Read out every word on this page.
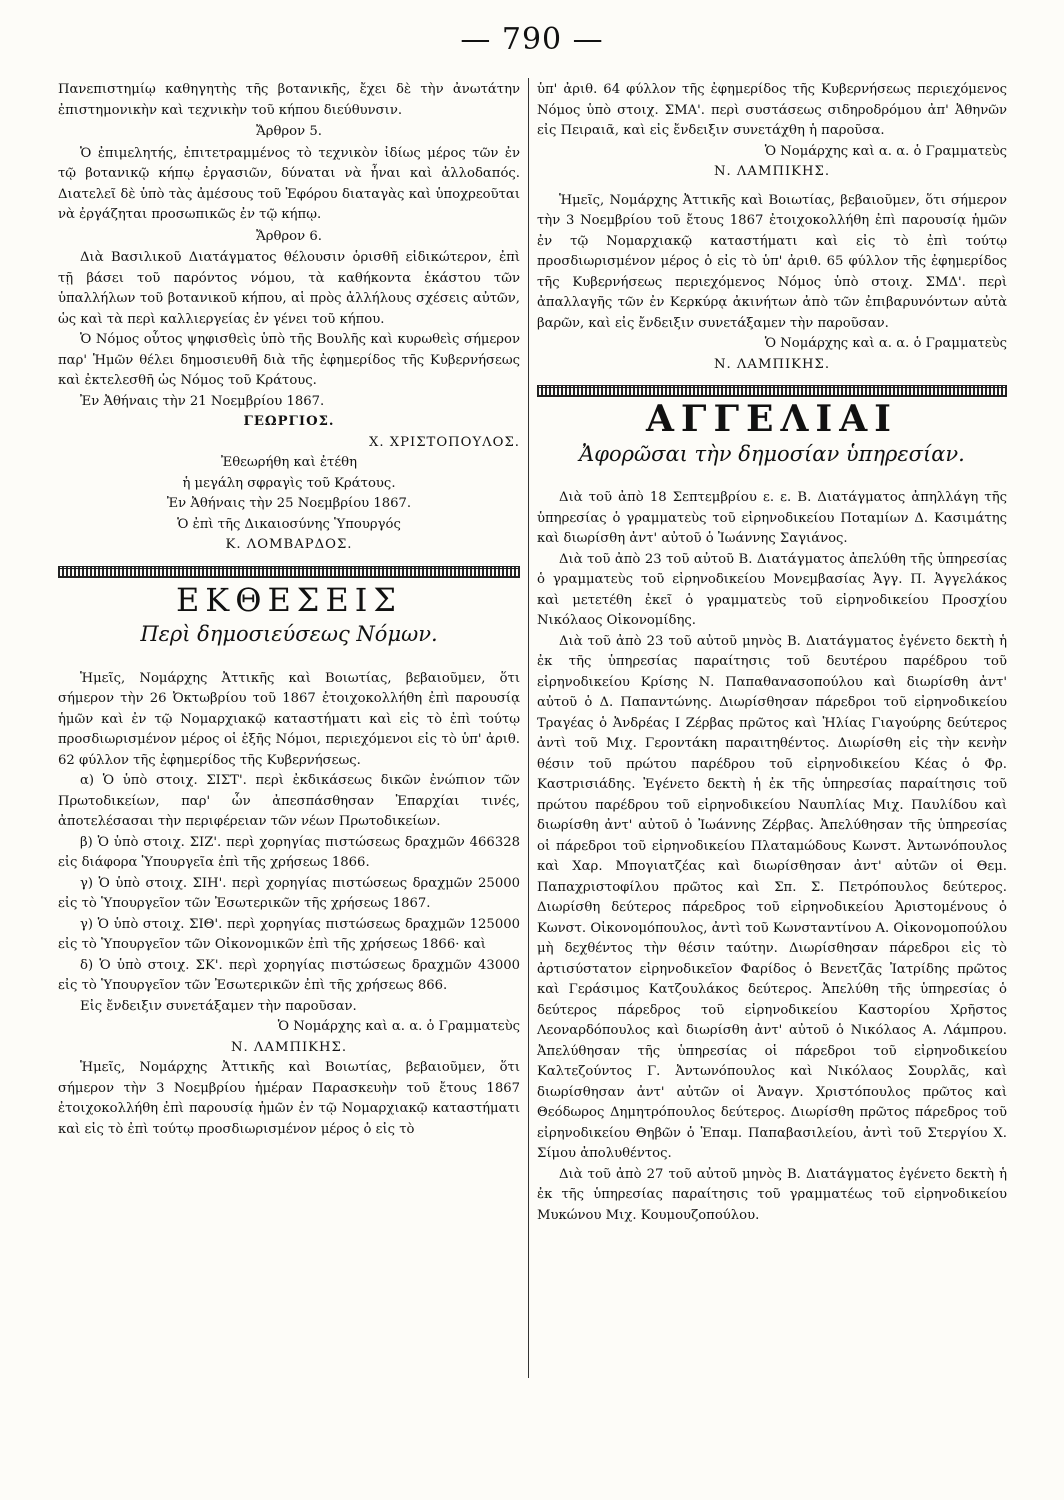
— 790 —

Πανεπιστημίῳ καθηγητὴς τῆς βοτανικῆς, ἔχει δὲ τὴν ἀνωτάτην ἐπιστημονικὴν καὶ τεχνικὴν τοῦ κήπου διεύθυνσιν.

Ἄρθρον 5.

Ὁ ἐπιμελητής, ἐπιτετραμμένος τὸ τεχνικὸν ἰδίως μέρος τῶν ἐν τῷ βοτανικῷ κήπῳ ἐργασιῶν, δύναται νὰ ἦναι καὶ ἀλλοδαπός. Διατελεῖ δὲ ὑπὸ τὰς ἀμέσους τοῦ Ἐφόρου διαταγὰς καὶ ὑποχρεοῦται νὰ ἐργάζηται προσωπικῶς ἐν τῷ κήπῳ.

Ἄρθρον 6.

Διὰ Βασιλικοῦ Διατάγματος θέλουσιν ὁρισθῆ εἰδικώτερον, ἐπὶ τῇ βάσει τοῦ παρόντος νόμου, τὰ καθήκοντα ἑκάστου τῶν ὑπαλλήλων τοῦ βοτανικοῦ κήπου, αἱ πρὸς ἀλλήλους σχέσεις αὐτῶν, ὡς καὶ τὰ περὶ καλλιεργείας ἐν γένει τοῦ κήπου.

Ὁ Νόμος οὗτος ψηφισθεὶς ὑπὸ τῆς Βουλῆς καὶ κυρωθεὶς σήμερον παρ' Ἡμῶν θέλει δημοσιευθῆ διὰ τῆς ἐφημερίδος τῆς Κυβερνήσεως καὶ ἐκτελεσθῆ ὡς Νόμος τοῦ Κράτους.

Ἐν Ἀθήναις τὴν 21 Νοεμβρίου 1867.

ΓΕΩΡΓΙΟΣ.
Χ. ΧΡΙΣΤΟΠΟΥΛΟΣ.
Ἐθεωρήθη καὶ ἐτέθη
ἡ μεγάλη σφραγὶς τοῦ Κράτους.
Ἐν Ἀθήναις τὴν 25 Νοεμβρίου 1867.
Ὁ ἐπὶ τῆς Δικαιοσύνης Ὑπουργός
Κ. ΛΟΜΒΑΡΔΟΣ.
ΕΚΘΕΣΕΙΣ
Περὶ δημοσιεύσεως Νόμων.

Ἡμεῖς, Νομάρχης Ἀττικῆς καὶ Βοιωτίας, βεβαιοῦμεν, ὅτι σήμερον τὴν 26 Ὀκτωβρίου τοῦ 1867 ἐτοιχοκολλήθη ἐπὶ παρουσίᾳ ἡμῶν καὶ ἐν τῷ Νομαρχιακῷ καταστήματι καὶ εἰς τὸ ἐπὶ τούτῳ προσδιωρισμένον μέρος οἱ ἑξῆς Νόμοι, περιεχόμενοι εἰς τὸ ὑπ' ἀριθ. 62 φύλλον τῆς ἐφημερίδος τῆς Κυβερνήσεως.

α) Ὁ ὑπὸ στοιχ. ΣΙΣΤ'. περὶ ἐκδικάσεως δικῶν ἐνώπιον τῶν Πρωτοδικείων, παρ' ὧν ἀπεσπάσθησαν Ἐπαρχίαι τινές, ἀποτελέσασαι τὴν περιφέρειαν τῶν νέων Πρωτοδικείων.

β) Ὁ ὑπὸ στοιχ. ΣΙΖ'. περὶ χορηγίας πιστώσεως δραχμῶν 466328 εἰς διάφορα Ὑπουργεῖα ἐπὶ τῆς χρήσεως 1866.

γ) Ὁ ὑπὸ στοιχ. ΣΙΗ'. περὶ χορηγίας πιστώσεως δραχμῶν 25000 εἰς τὸ Ὑπουργεῖον τῶν Ἐσωτερικῶν τῆς χρήσεως 1867.

γ) Ὁ ὑπὸ στοιχ. ΣΙΘ'. περὶ χορηγίας πιστώσεως δραχμῶν 125000 εἰς τὸ Ὑπουργεῖον τῶν Οἰκονομικῶν ἐπὶ τῆς χρήσεως 1866· καὶ

δ) Ὁ ὑπὸ στοιχ. ΣΚ'. περὶ χορηγίας πιστώσεως δραχμῶν 43000 εἰς τὸ Ὑπουργεῖον τῶν Ἐσωτερικῶν ἐπὶ τῆς χρήσεως 866.

Εἰς ἔνδειξιν συνετάξαμεν τὴν παροῦσαν.

Ὁ Νομάρχης καὶ α. α. ὁ Γραμματεὺς
Ν. ΛΑΜΠΙΚΗΣ.

Ἡμεῖς, Νομάρχης Ἀττικῆς καὶ Βοιωτίας, βεβαιοῦμεν, ὅτι σήμερον τὴν 3 Νοεμβρίου ἡμέραν Παρασκευὴν τοῦ ἔτους 1867 ἐτοιχοκολλήθη ἐπὶ παρουσίᾳ ἡμῶν ἐν τῷ Νομαρχιακῷ καταστήματι καὶ εἰς τὸ ἐπὶ τούτῳ προσδιωρισμένον μέρος ὁ εἰς τὸ

ὑπ' ἀριθ. 64 φύλλον τῆς ἐφημερίδος τῆς Κυβερνήσεως περιεχόμενος Νόμος ὑπὸ στοιχ. ΣΜΑ'. περὶ συστάσεως σιδηροδρόμου ἀπ' Ἀθηνῶν εἰς Πειραιᾶ, καὶ εἰς ἔνδειξιν συνετάχθη ἡ παροῦσα.

Ὁ Νομάρχης καὶ α. α. ὁ Γραμματεὺς
Ν. ΛΑΜΠΙΚΗΣ.

Ἡμεῖς, Νομάρχης Ἀττικῆς καὶ Βοιωτίας, βεβαιοῦμεν, ὅτι σήμερον τὴν 3 Νοεμβρίου τοῦ ἔτους 1867 ἐτοιχοκολλήθη ἐπὶ παρουσίᾳ ἡμῶν ἐν τῷ Νομαρχιακῷ καταστήματι καὶ εἰς τὸ ἐπὶ τούτῳ προσδιωρισμένον μέρος ὁ εἰς τὸ ὑπ' ἀριθ. 65 φύλλον τῆς ἐφημερίδος τῆς Κυβερνήσεως περιεχόμενος Νόμος ὑπὸ στοιχ. ΣΜΔ'. περὶ ἀπαλλαγῆς τῶν ἐν Κερκύρᾳ ἀκινήτων ἀπὸ τῶν ἐπιβαρυνόντων αὐτὰ βαρῶν, καὶ εἰς ἔνδειξιν συνετάξαμεν τὴν παροῦσαν.

Ὁ Νομάρχης καὶ α. α. ὁ Γραμματεὺς
Ν. ΛΑΜΠΙΚΗΣ.
ΑΓΓΕΛΙΑΙ
Ἀφορῶσαι τὴν δημοσίαν ὑπηρεσίαν.

Διὰ τοῦ ἀπὸ 18 Σεπτεμβρίου ε. ε. Β. Διατάγματος ἀπηλλάγη τῆς ὑπηρεσίας ὁ γραμματεὺς τοῦ εἰρηνοδικείου Ποταμίων Δ. Κασιμάτης καὶ διωρίσθη ἀντ' αὐτοῦ ὁ Ἰωάννης Σαγιάνος.

Διὰ τοῦ ἀπὸ 23 τοῦ αὐτοῦ Β. Διατάγματος ἀπελύθη τῆς ὑπηρεσίας ὁ γραμματεὺς τοῦ εἰρηνοδικείου Μονεμβασίας Ἀγγ. Π. Ἀγγελάκος καὶ μετετέθη ἐκεῖ ὁ γραμματεὺς τοῦ εἰρηνοδικείου Προσχίου Νικόλαος Οἰκονομίδης.

Διὰ τοῦ ἀπὸ 23 τοῦ αὐτοῦ μηνὸς Β. Διατάγματος ἐγένετο δεκτὴ ἡ ἐκ τῆς ὑπηρεσίας παραίτησις τοῦ δευτέρου παρέδρου τοῦ εἰρηνοδικείου Κρίσης Ν. Παπαθανασοπούλου καὶ διωρίσθη ἀντ' αὐτοῦ ὁ Δ. Παπαντώνης. Διωρίσθησαν πάρεδροι τοῦ εἰρηνοδικείου Τραγέας ὁ Ἀνδρέας Ι Ζέρβας πρῶτος καὶ Ἠλίας Γιαγούρης δεύτερος ἀντὶ τοῦ Μιχ. Γεροντάκη παραιτηθέντος. Διωρίσθη εἰς τὴν κενὴν θέσιν τοῦ πρώτου παρέδρου τοῦ εἰρηνοδικείου Κέας ὁ Φρ. Καστρισιάδης. Ἐγένετο δεκτὴ ἡ ἐκ τῆς ὑπηρεσίας παραίτησις τοῦ πρώτου παρέδρου τοῦ εἰρηνοδικείου Ναυπλίας Μιχ. Παυλίδου καὶ διωρίσθη ἀντ' αὐτοῦ ὁ Ἰωάννης Ζέρβας. Ἀπελύθησαν τῆς ὑπηρεσίας οἱ πάρεδροι τοῦ εἰρηνοδικείου Πλαταμώδους Κωνστ. Ἀντωνόπουλος καὶ Χαρ. Μπογιατζέας καὶ διωρίσθησαν ἀντ' αὐτῶν οἱ Θεμ. Παπαχριστοφίλου πρῶτος καὶ Σπ. Σ. Πετρόπουλος δεύτερος. Διωρίσθη δεύτερος πάρεδρος τοῦ εἰρηνοδικείου Ἀριστομένους ὁ Κωνστ. Οἰκονομόπουλος, ἀντὶ τοῦ Κωνσταντίνου Α. Οἰκονομοπούλου μὴ δεχθέντος τὴν θέσιν ταύτην. Διωρίσθησαν πάρεδροι εἰς τὸ ἀρτισύστατον εἰρηνοδικεῖον Φαρίδος ὁ Βενετζᾶς Ἰατρίδης πρῶτος καὶ Γεράσιμος Κατζουλάκος δεύτερος. Ἀπελύθη τῆς ὑπηρεσίας ὁ δεύτερος πάρεδρος τοῦ εἰρηνοδικείου Καστορίου Χρῆστος Λεοναρδόπουλος καὶ διωρίσθη ἀντ' αὐτοῦ ὁ Νικόλαος Α. Λάμπρου. Ἀπελύθησαν τῆς ὑπηρεσίας οἱ πάρεδροι τοῦ εἰρηνοδικείου Καλτεζούντος Γ. Ἀντωνόπουλος καὶ Νικόλαος Σουρλᾶς, καὶ διωρίσθησαν ἀντ' αὐτῶν οἱ Ἀναγν. Χριστόπουλος πρῶτος καὶ Θεόδωρος Δημητρόπουλος δεύτερος. Διωρίσθη πρῶτος πάρεδρος τοῦ εἰρηνοδικείου Θηβῶν ὁ Ἐπαμ. Παπαβασιλείου, ἀντὶ τοῦ Στεργίου Χ. Σίμου ἀπολυθέντος.

Διὰ τοῦ ἀπὸ 27 τοῦ αὐτοῦ μηνὸς Β. Διατάγματος ἐγένετο δεκτὴ ἡ ἐκ τῆς ὑπηρεσίας παραίτησις τοῦ γραμματέως τοῦ εἰρηνοδικείου Μυκώνου Μιχ. Κουμουζοπούλου.
